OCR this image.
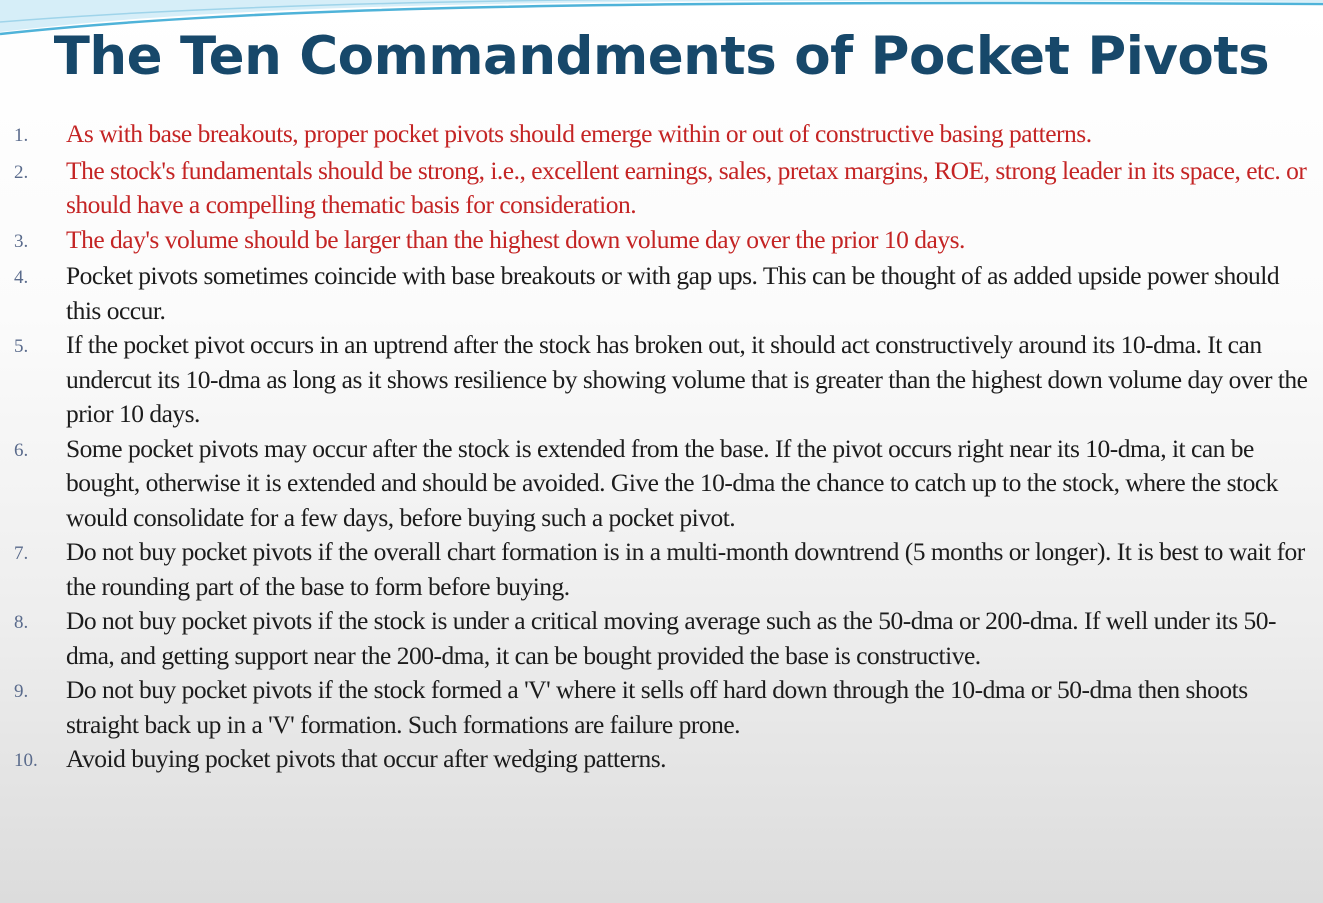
The Ten Commandments of Pocket Pivots
1.	As with base breakouts, proper pocket pivots should emerge within or out of constructive basing patterns.
2.	The stock's fundamentals should be strong, i.e., excellent earnings, sales, pretax margins, ROE, strong leader in its space, etc. or should have a compelling thematic basis for consideration.
3.	The day's volume should be larger than the highest down volume day over the prior 10 days.
4.	Pocket pivots sometimes coincide with base breakouts or with gap ups. This can be thought of as added upside power should this occur.
5.	If the pocket pivot occurs in an uptrend after the stock has broken out, it should act constructively around its 10-dma. It can undercut its 10-dma as long as it shows resilience by showing volume that is greater than the highest down volume day over the prior 10 days.
6.	Some pocket pivots may occur after the stock is extended from the base. If the pivot occurs right near its 10-dma, it can be bought, otherwise it is extended and should be avoided. Give the 10-dma the chance to catch up to the stock, where the stock would consolidate for a few days, before buying such a pocket pivot.
7.	Do not buy pocket pivots if the overall chart formation is in a multi-month downtrend (5 months or longer). It is best to wait for the rounding part of the base to form before buying.
8.	Do not buy pocket pivots if the stock is under a critical moving average such as the 50-dma or 200-dma. If well under its 50-dma, and getting support near the 200-dma, it can be bought provided the base is constructive.
9.	Do not buy pocket pivots if the stock formed a 'V' where it sells off hard down through the 10-dma or 50-dma then shoots straight back up in a 'V' formation. Such formations are failure prone.
10.	Avoid buying pocket pivots that occur after wedging patterns.
